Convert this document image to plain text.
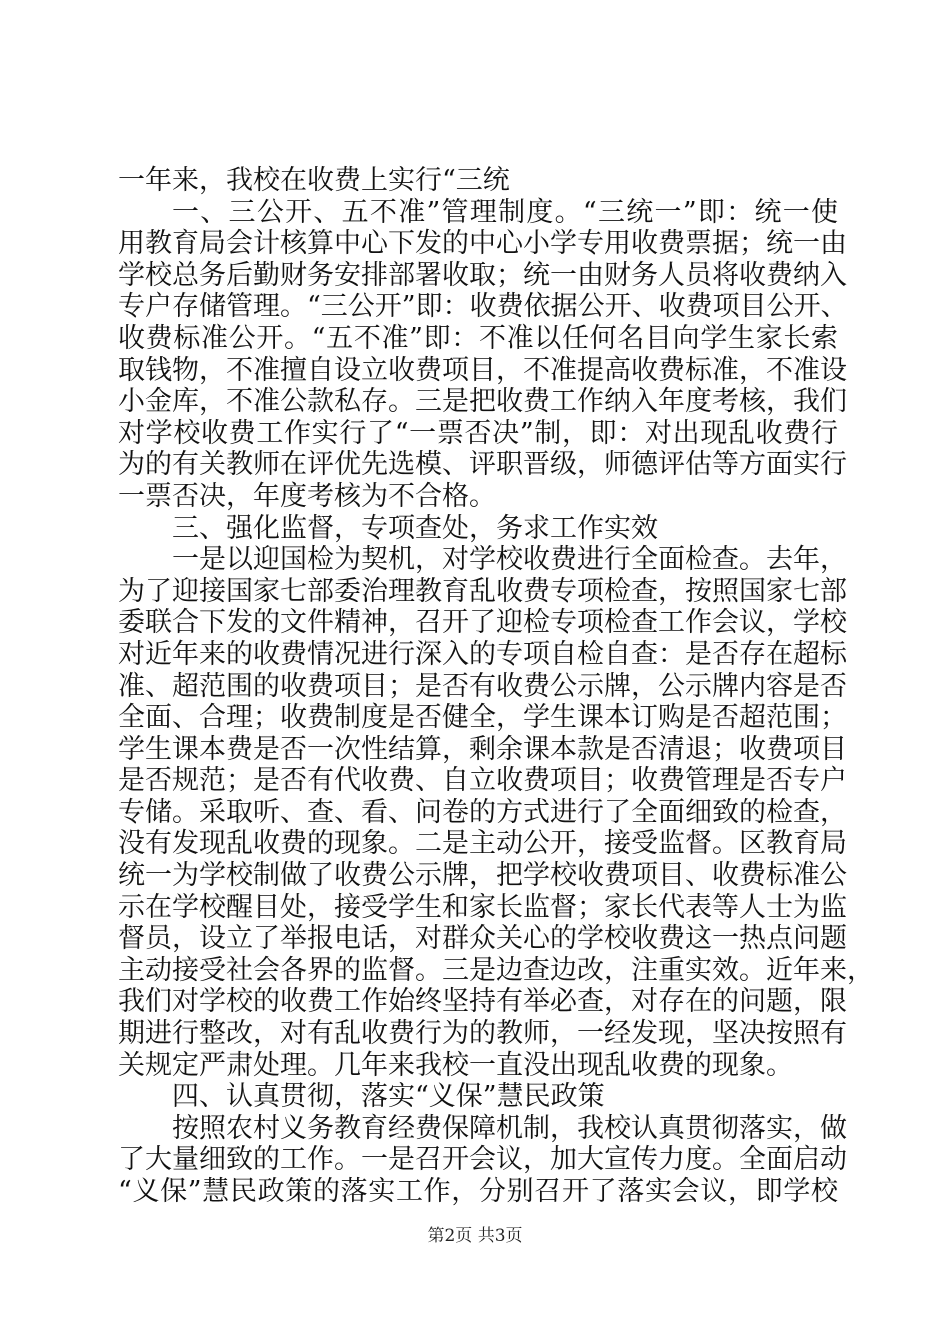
一年来，我校在收费上实行“三统
一、三公开、五不准”管理制度。“三统一”即：统一使
用教育局会计核算中心下发的中心小学专用收费票据；统一由
学校总务后勤财务安排部署收取；统一由财务人员将收费纳入
专户存储管理。“三公开”即：收费依据公开、收费项目公开、
收费标准公开。“五不准”即：不准以任何名目向学生家长索
取钱物，不准擅自设立收费项目，不准提高收费标准，不准设
小金库，不准公款私存。三是把收费工作纳入年度考核，我们
对学校收费工作实行了“一票否决”制，即：对出现乱收费行
为的有关教师在评优先选模、评职晋级，师德评估等方面实行
一票否决，年度考核为不合格。
三、强化监督，专项查处，务求工作实效
一是以迎国检为契机，对学校收费进行全面检查。去年，
为了迎接国家七部委治理教育乱收费专项检查，按照国家七部
委联合下发的文件精神，召开了迎检专项检查工作会议，学校
对近年来的收费情况进行深入的专项自检自查：是否存在超标
准、超范围的收费项目；是否有收费公示牌，公示牌内容是否
全面、合理；收费制度是否健全，学生课本订购是否超范围；
学生课本费是否一次性结算，剩余课本款是否清退；收费项目
是否规范；是否有代收费、自立收费项目；收费管理是否专户
专储。采取听、查、看、问卷的方式进行了全面细致的检查，
没有发现乱收费的现象。二是主动公开，接受监督。区教育局
统一为学校制做了收费公示牌，把学校收费项目、收费标准公
示在学校醒目处，接受学生和家长监督；家长代表等人士为监
督员，设立了举报电话，对群众关心的学校收费这一热点问题
主动接受社会各界的监督。三是边查边改，注重实效。近年来，
我们对学校的收费工作始终坚持有举必查，对存在的问题，限
期进行整改，对有乱收费行为的教师，一经发现，坚决按照有
关规定严肃处理。几年来我校一直没出现乱收费的现象。
四、认真贯彻，落实“义保”慧民政策
按照农村义务教育经费保障机制，我校认真贯彻落实，做
了大量细致的工作。一是召开会议，加大宣传力度。全面启动
“义保”慧民政策的落实工作，分别召开了落实会议，即学校
第2页 共3页
